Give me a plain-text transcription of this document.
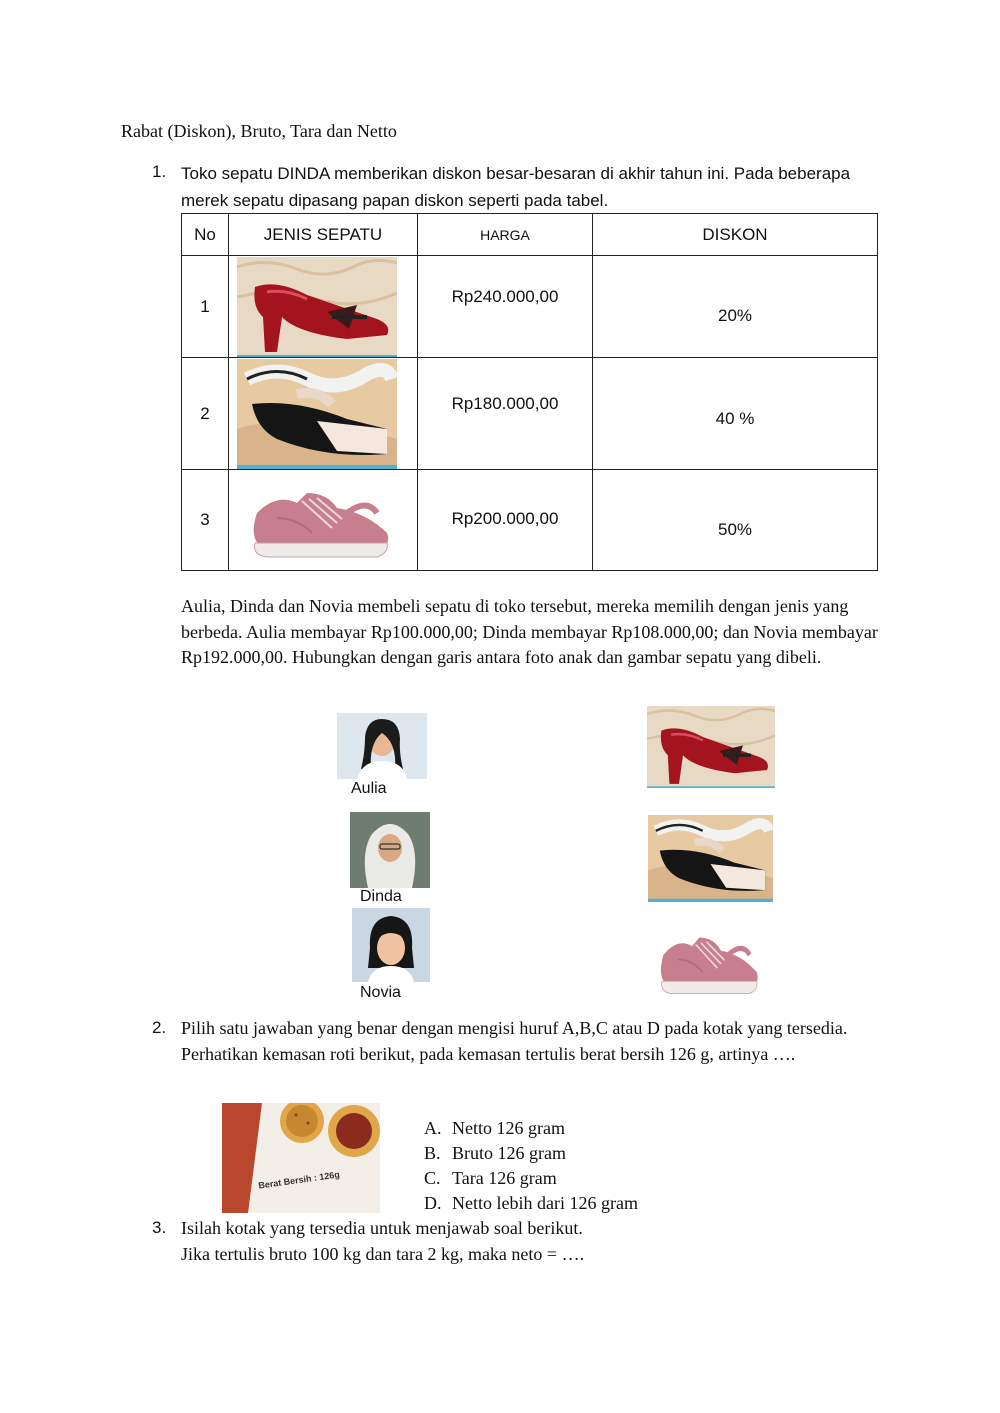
Rabat (Diskon), Bruto, Tara dan Netto
1. Toko sepatu DINDA memberikan diskon besar-besaran di akhir tahun ini. Pada beberapa merek sepatu dipasang papan diskon seperti pada tabel.
No	JENIS SEPATU	HARGA	DISKON
1		Rp240.000,00	20%

2		Rp180.000,00	40 %

3		Rp200.000,00	50%
Aulia, Dinda dan Novia membeli sepatu di toko tersebut, mereka memilih dengan jenis yang berbeda. Aulia membayar Rp100.000,00; Dinda membayar Rp108.000,00; dan Novia membayar Rp192.000,00. Hubungkan dengan garis antara foto anak dan gambar sepatu yang dibeli.
Aulia
Dinda
Novia
2. Pilih satu jawaban yang benar dengan mengisi huruf A,B,C atau D pada kotak yang tersedia.
Perhatikan kemasan roti berikut, pada kemasan tertulis berat bersih 126 g, artinya ….
Berat Bersih : 126g
A. Netto 126 gram
B. Bruto 126 gram
C. Tara 126 gram
D. Netto lebih dari 126 gram
3. Isilah kotak yang tersedia untuk menjawab soal berikut.
Jika tertulis bruto 100 kg dan tara 2 kg, maka neto = ….
